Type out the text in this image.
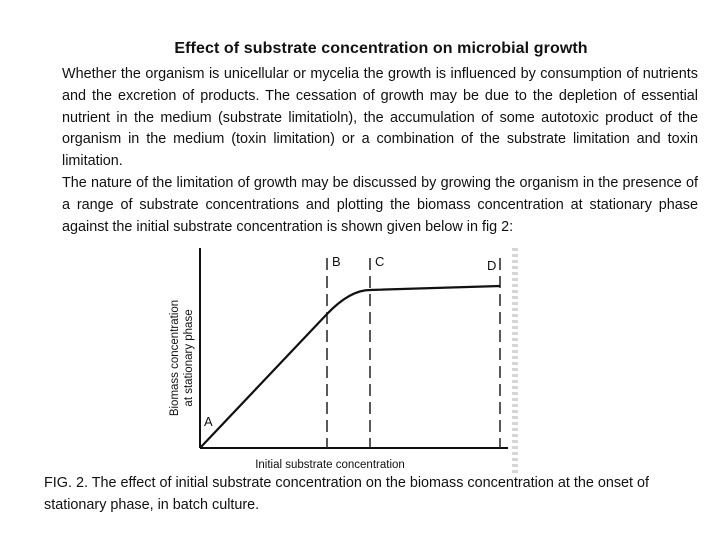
Effect of substrate concentration on microbial growth

Whether the organism is unicellular or mycelia the growth is influenced by consumption of nutrients and the excretion of products. The cessation of growth may be due to the depletion of essential nutrient in the medium (substrate limitatioln), the accumulation of some autotoxic product of the organism in the medium (toxin limitation) or a combination of the substrate limitation and toxin limitation.

The nature of the limitation of growth may be discussed by growing the organism in the presence of a range of substrate concentrations and plotting the biomass concentration at stationary phase against the initial substrate concentration is shown given below in fig 2:

A
B	C	D
Biomass concentration at stationary phase
Initial substrate concentration
FIG. 2. The effect of initial substrate concentration on the biomass concentration at the onset of stationary phase, in batch culture.
